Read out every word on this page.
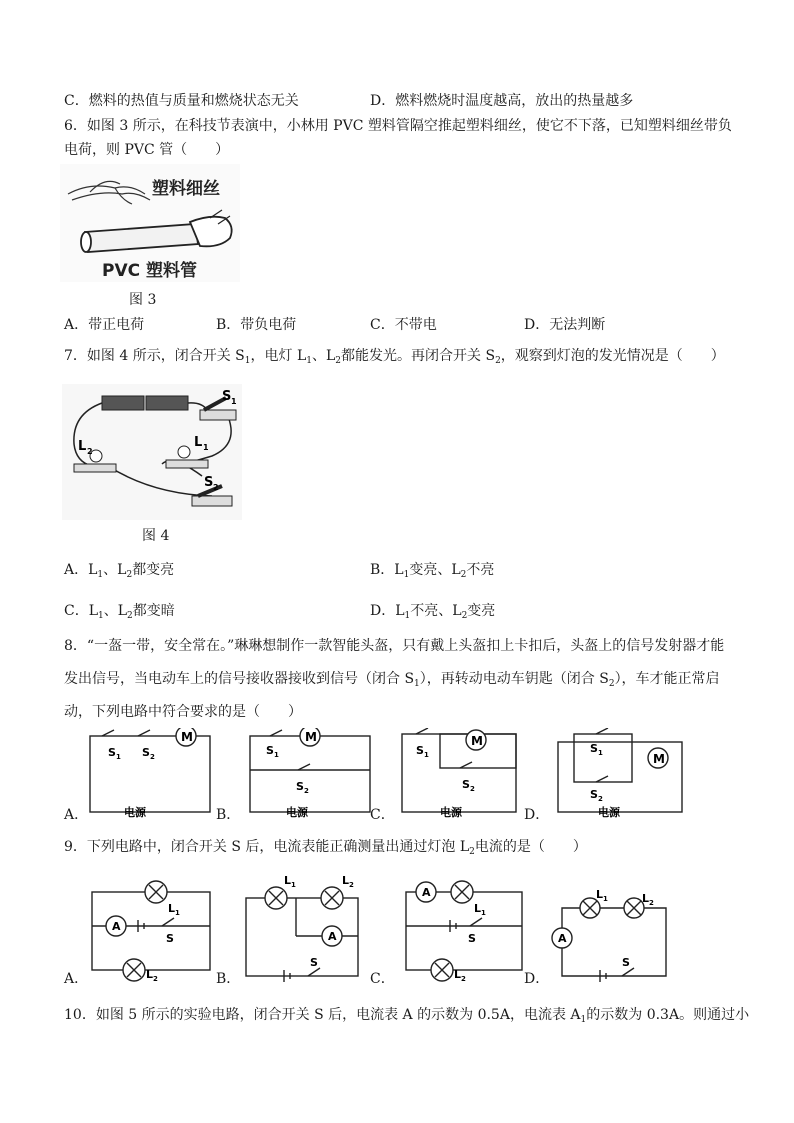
C．燃料的热值与质量和燃烧状态无关	D．燃料燃烧时温度越高，放出的热量越多
6．如图 3 所示，在科技节表演中，小林用 PVC 塑料管隔空推起塑料细丝，使它不下落，已知塑料细丝带负
电荷，则 PVC 管（　　）
塑料细丝
PVC 塑料管
图 3
A．带正电荷	B．带负电荷	C．不带电	D．无法判断
7．如图 4 所示，闭合开关 $S_1$，电灯 $L_1$、$L_2$都能发光。再闭合开关 $S_2$，观察到灯泡的发光情况是（　　）
S 1
L 2
L 1
S 2
图 4
A．$L_1$、$L_2$都变亮	B．$L_1$变亮、$L_2$不亮
C．$L_1$、$L_2$都变暗	D．$L_1$不亮、$L_2$变亮
8．“一盔一带，安全常在。”琳琳想制作一款智能头盔，只有戴上头盔扣上卡扣后，头盔上的信号发射器才能
发出信号，当电动车上的信号接收器接收到信号（闭合 $S_1$），再转动电动车钥匙（闭合 $S_2$），车才能正常启
动，下列电路中符合要求的是（　　）
M	M	M
M
$S_1$ $S_2$	$S_1$
$S_2$
$S_1$
$S_2$
$S_1$
$S_2$
电源	电源	电源	电源
A．	B．	C．	D．
9．下列电路中，闭合开关 S 后，电流表能正确测量出通过灯泡 $L_2$电流的是（　　）
A
$L_1$
S
$L_2$
$L_1$	$L_2$
A
S
A
$L_1$
S
$L_2$
A
$L_1$	$L_2$
S
A．	B．	C．	D．
10．如图 5 所示的实验电路，闭合开关 S 后，电流表 A 的示数为 0.5A，电流表 $A_1$的示数为 0.3A。则通过小
